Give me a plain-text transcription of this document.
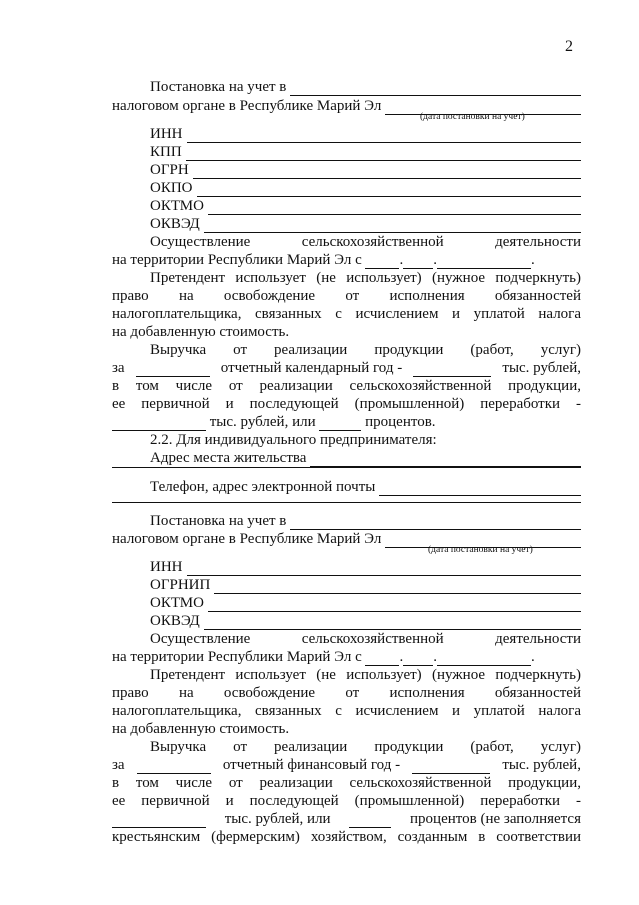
2
Постановка на учет в
налоговом органе в Республике Марий Эл
(дата постановки на учет)
ИНН
КПП
ОГРН
ОКПО
ОКТМО
ОКВЭД
Осуществление сельскохозяйственной деятельности
на территории Республики Марий Эл с
	. .	.
Претендент использует (не использует) (нужное подчеркнуть)
право на освобождение от исполнения обязанностей
налогоплательщика, связанных с исчислением и уплатой налога
на добавленную стоимость.
Выручка от реализации продукции (работ, услуг)
за	отчетный календарный год -	тыс. рублей,
в том числе от реализации сельскохозяйственной продукции,
ее первичной и последующей (промышленной) переработки -

тыс. рублей, или

	процентов.
2.2. Для индивидуального предпринимателя:
Адрес места жительства
Телефон, адрес электронной почты
Постановка на учет в
налоговом органе в Республике Марий Эл
(дата постановки на учет)
ИНН
ОГРНИП
ОКТМО
ОКВЭД
Осуществление сельскохозяйственной деятельности
на территории Республики Марий Эл с
	. .	.
Претендент использует (не использует) (нужное подчеркнуть)
право на освобождение от исполнения обязанностей
налогоплательщика, связанных с исчислением и уплатой налога
на добавленную стоимость.
Выручка от реализации продукции (работ, услуг)
за	отчетный финансовый год -	тыс. рублей,
в том числе от реализации сельскохозяйственной продукции,
ее первичной и последующей (промышленной) переработки -
тыс. рублей, или	процентов (не заполняется
крестьянским (фермерским) хозяйством, созданным в соответствии
